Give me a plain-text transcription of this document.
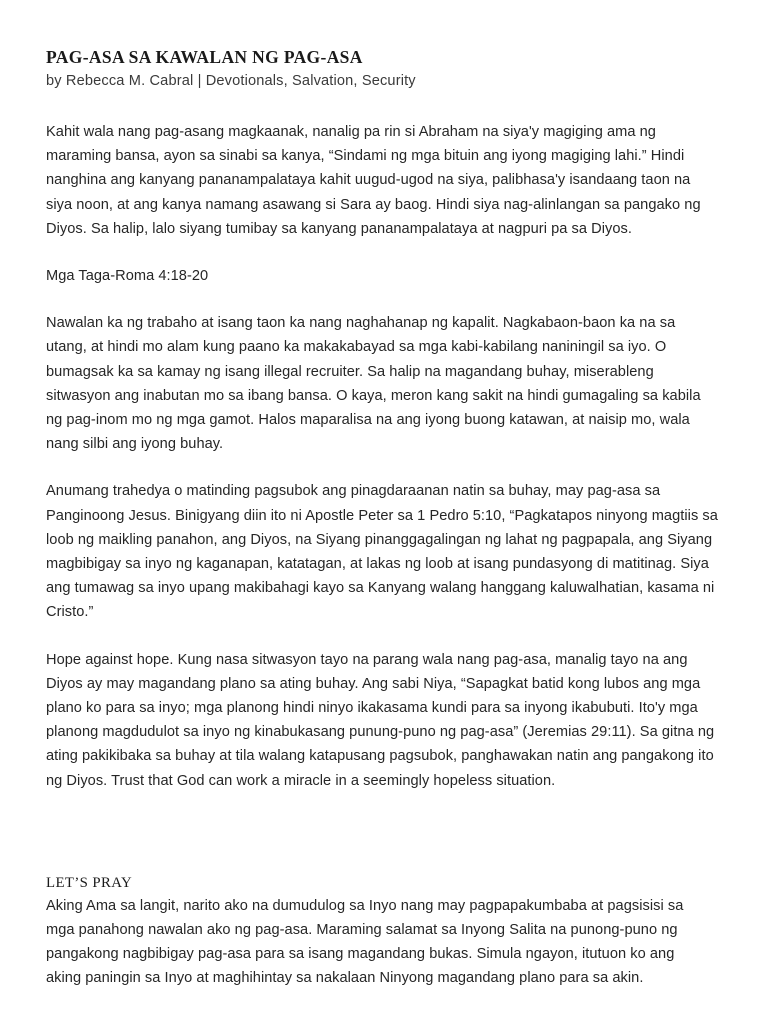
PAG-ASA SA KAWALAN NG PAG-ASA

by Rebecca M. Cabral | Devotionals, Salvation, Security

Kahit wala nang pag-asang magkaanak, nanalig pa rin si Abraham na siya'y magiging ama ng maraming bansa, ayon sa sinabi sa kanya, “Sindami ng mga bituin ang iyong magiging lahi.” Hindi nanghina ang kanyang pananampalataya kahit uugud-ugod na siya, palibhasa'y isandaang taon na siya noon, at ang kanya namang asawang si Sara ay baog. Hindi siya nag-alinlangan sa pangako ng Diyos. Sa halip, lalo siyang tumibay sa kanyang pananampalataya at nagpuri pa sa Diyos.

Mga Taga-Roma 4:18-20

Nawalan ka ng trabaho at isang taon ka nang naghahanap ng kapalit. Nagkabaon-baon ka na sa utang, at hindi mo alam kung paano ka makakabayad sa mga kabi-kabilang naniningil sa iyo. O bumagsak ka sa kamay ng isang illegal recruiter. Sa halip na magandang buhay, miserableng sitwasyon ang inabutan mo sa ibang bansa. O kaya, meron kang sakit na hindi gumagaling sa kabila ng pag-inom mo ng mga gamot. Halos maparalisa na ang iyong buong katawan, at naisip mo, wala nang silbi ang iyong buhay.

Anumang trahedya o matinding pagsubok ang pinagdaraanan natin sa buhay, may pag-asa sa Panginoong Jesus. Binigyang diin ito ni Apostle Peter sa 1 Pedro 5:10, “Pagkatapos ninyong magtiis sa loob ng maikling panahon, ang Diyos, na Siyang pinanggagalingan ng lahat ng pagpapala, ang Siyang magbibigay sa inyo ng kaganapan, katatagan, at lakas ng loob at isang pundasyong di matitinag. Siya ang tumawag sa inyo upang makibahagi kayo sa Kanyang walang hanggang kaluwalhatian, kasama ni Cristo.”

Hope against hope. Kung nasa sitwasyon tayo na parang wala nang pag-asa, manalig tayo na ang Diyos ay may magandang plano sa ating buhay. Ang sabi Niya, “Sapagkat batid kong lubos ang mga plano ko para sa inyo; mga planong hindi ninyo ikakasama kundi para sa inyong ikabubuti. Ito'y mga planong magdudulot sa inyo ng kinabukasang punung-puno ng pag-asa” (Jeremias 29:11). Sa gitna ng ating pakikibaka sa buhay at tila walang katapusang pagsubok, panghawakan natin ang pangakong ito ng Diyos. Trust that God can work a miracle in a seemingly hopeless situation.

LET’S PRAY

Aking Ama sa langit, narito ako na dumudulog sa Inyo nang may pagpapakumbaba at pagsisisi sa mga panahong nawalan ako ng pag-asa. Maraming salamat sa Inyong Salita na punong-puno ng pangakong nagbibigay pag-asa para sa isang magandang bukas. Simula ngayon, itutuon ko ang aking paningin sa Inyo at maghihintay sa nakalaan Ninyong magandang plano para sa akin.
